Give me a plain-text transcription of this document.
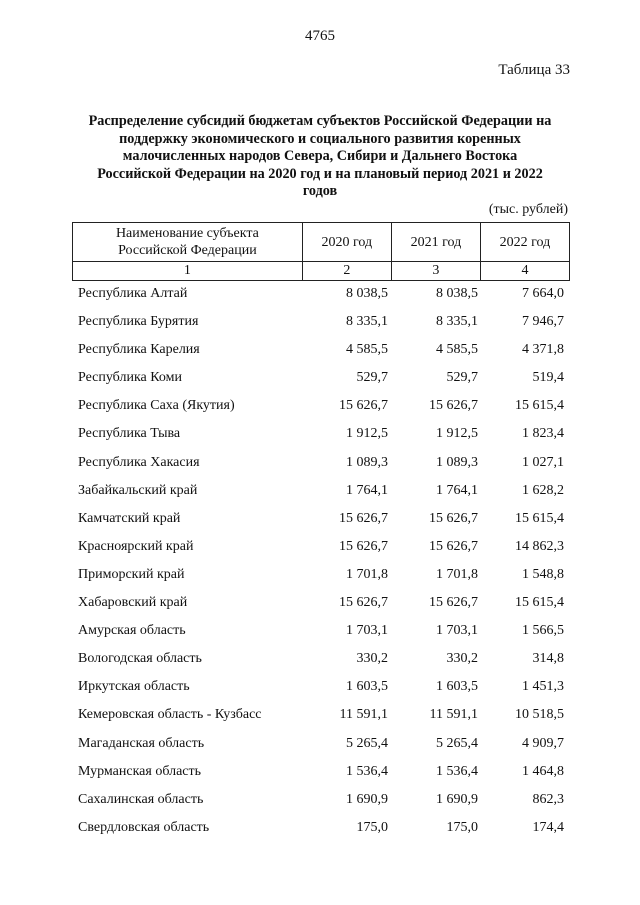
4765
Таблица 33
Распределение субсидий бюджетам субъектов Российской Федерации на
поддержку экономического и социального развития коренных
малочисленных народов Севера, Сибири и Дальнего Востока
Российской Федерации на 2020 год и на плановый период 2021 и 2022
годов
(тыс. рублей)
Наименование субъекта
Российской Федерации	2020 год	2021 год	2022 год
1	2	3	4
Республика Алтай	8 038,5	8 038,5	7 664,0
Республика Бурятия	8 335,1	8 335,1	7 946,7
Республика Карелия	4 585,5	4 585,5	4 371,8
Республика Коми	529,7	529,7	519,4
Республика Саха (Якутия)	15 626,7	15 626,7	15 615,4
Республика Тыва	1 912,5	1 912,5	1 823,4
Республика Хакасия	1 089,3	1 089,3	1 027,1
Забайкальский край	1 764,1	1 764,1	1 628,2
Камчатский край	15 626,7	15 626,7	15 615,4
Красноярский край	15 626,7	15 626,7	14 862,3
Приморский край	1 701,8	1 701,8	1 548,8
Хабаровский край	15 626,7	15 626,7	15 615,4
Амурская область	1 703,1	1 703,1	1 566,5
Вологодская область	330,2	330,2	314,8
Иркутская область	1 603,5	1 603,5	1 451,3
Кемеровская область - Кузбасс	11 591,1	11 591,1	10 518,5
Магаданская область	5 265,4	5 265,4	4 909,7
Мурманская область	1 536,4	1 536,4	1 464,8
Сахалинская область	1 690,9	1 690,9	862,3
Свердловская область	175,0	175,0	174,4
